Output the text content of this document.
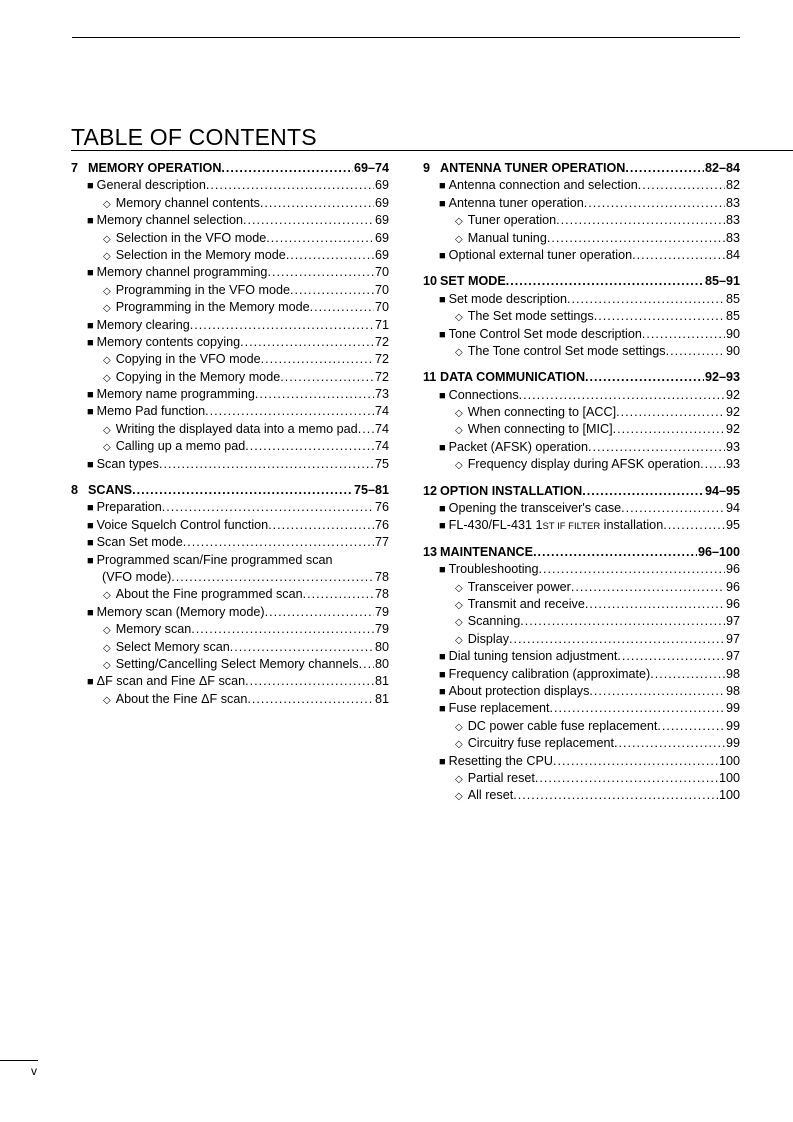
TABLE OF CONTENTS
7 MEMORY OPERATION .....	69–74
■ General description .....	69
◇ Memory channel contents .....	69
■ Memory channel selection .....	69
◇ Selection in the VFO mode .....	69
◇ Selection in the Memory mode .....	69
■ Memory channel programming .....	70
◇ Programming in the VFO mode .....	70
◇ Programming in the Memory mode .....	70
■ Memory clearing .....	71
■ Memory contents copying .....	72
◇ Copying in the VFO mode .....	72
◇ Copying in the Memory mode .....	72
■ Memory name programming .....	73
■ Memo Pad function .....	74
◇ Writing the displayed data into a memo pad ..... 74
◇ Calling up a memo pad .....	74
■ Scan types .....	75
8 SCANS .....	75–81
■ Preparation .....	76
■ Voice Squelch Control function .....	76
■ Scan Set mode .....	77
■ Programmed scan/Fine programmed scan
(VFO mode) .....	78
◇ About the Fine programmed scan .....	78
■ Memory scan (Memory mode) .....	79
◇ Memory scan .....	79
◇ Select Memory scan .....	80
◇ Setting/Cancelling Select Memory channels ..... 80
■ ΔF scan and Fine ΔF scan .....	81
◇ About the Fine ΔF scan .....	81
9 ANTENNA TUNER OPERATION .....	82–84
■ Antenna connection and selection .....	82
■ Antenna tuner operation .....	83
◇ Tuner operation .....	83
◇ Manual tuning .....	83
■ Optional external tuner operation .....	84
10 SET MODE .....	85–91
■ Set mode description .....	85
◇ The Set mode settings .....	85
■ Tone Control Set mode description .....	90
◇ The Tone control Set mode settings .....	90
11 DATA COMMUNICATION .....	92–93
■ Connections .....	92
◇ When connecting to [ACC] .....	92
◇ When connecting to [MIC] .....	92
■ Packet (AFSK) operation .....	93
◇ Frequency display during AFSK operation ..... 93
12 OPTION INSTALLATION .....	94–95
■ Opening the transceiver's case .....	94
■ FL-430/FL-431 1 ST IF FILTER installation .....	95
13 MAINTENANCE .....	96–100
■ Troubleshooting .....	96
◇ Transceiver power .....	96
◇ Transmit and receive .....	96
◇ Scanning .....	97
◇ Display .....	97
■ Dial tuning tension adjustment .....	97
■ Frequency calibration (approximate) .....	98
■ About protection displays .....	98
■ Fuse replacement .....	99
◇ DC power cable fuse replacement .....	99
◇ Circuitry fuse replacement .....	99
■ Resetting the CPU .....	100
◇ Partial reset .....	100
◇ All reset .....	100
v
